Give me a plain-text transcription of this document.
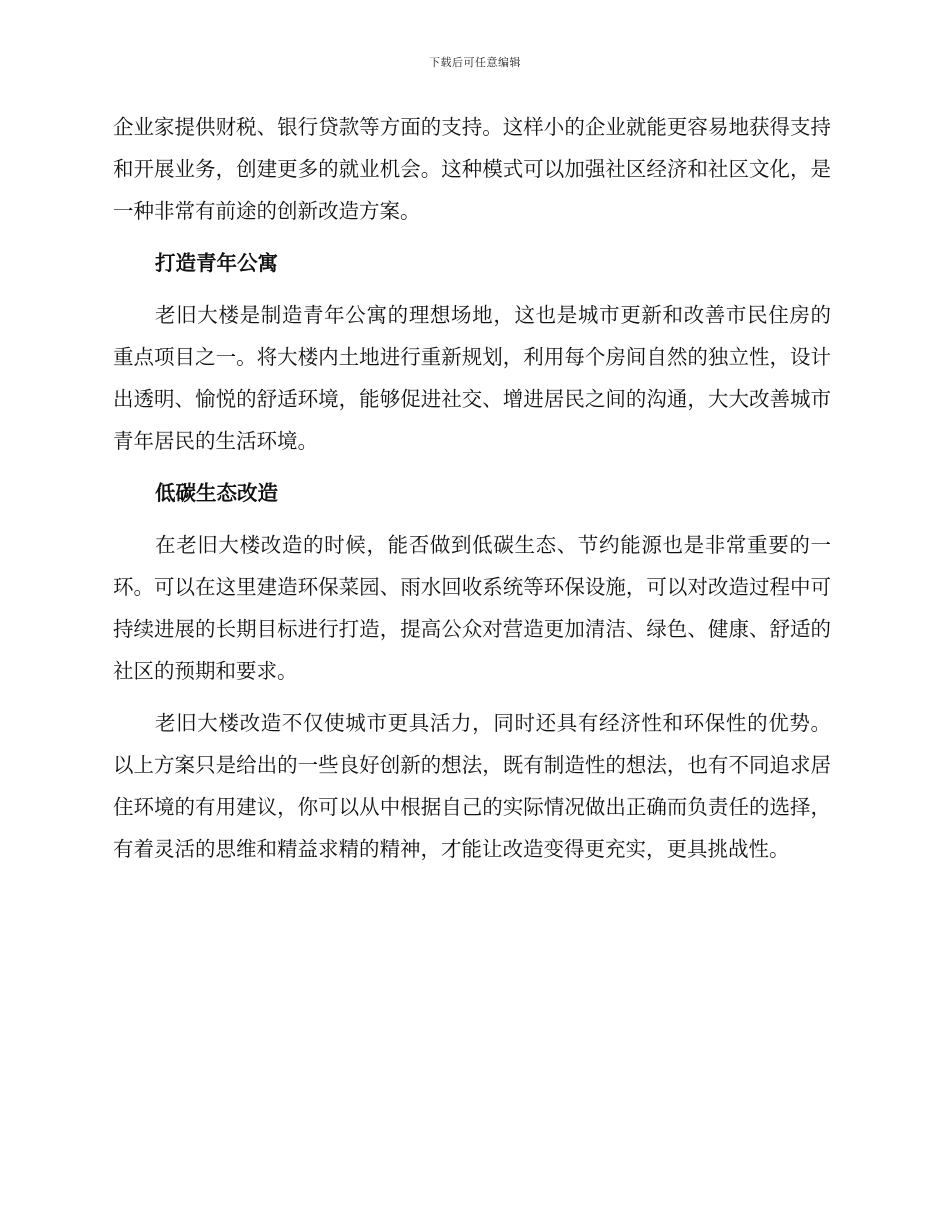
下载后可任意编辑

企业家提供财税、银行贷款等方面的支持。这样小的企业就能更容易地获得支持和开展业务，创建更多的就业机会。这种模式可以加强社区经济和社区文化，是一种非常有前途的创新改造方案。

打造青年公寓

老旧大楼是制造青年公寓的理想场地，这也是城市更新和改善市民住房的重点项目之一。将大楼内土地进行重新规划，利用每个房间自然的独立性，设计出透明、愉悦的舒适环境，能够促进社交、增进居民之间的沟通，大大改善城市青年居民的生活环境。

低碳生态改造

在老旧大楼改造的时候，能否做到低碳生态、节约能源也是非常重要的一环。可以在这里建造环保菜园、雨水回收系统等环保设施，可以对改造过程中可持续进展的长期目标进行打造，提高公众对营造更加清洁、绿色、健康、舒适的社区的预期和要求。

老旧大楼改造不仅使城市更具活力，同时还具有经济性和环保性的优势。以上方案只是给出的一些良好创新的想法，既有制造性的想法，也有不同追求居住环境的有用建议，你可以从中根据自己的实际情况做出正确而负责任的选择，有着灵活的思维和精益求精的精神，才能让改造变得更充实，更具挑战性。
